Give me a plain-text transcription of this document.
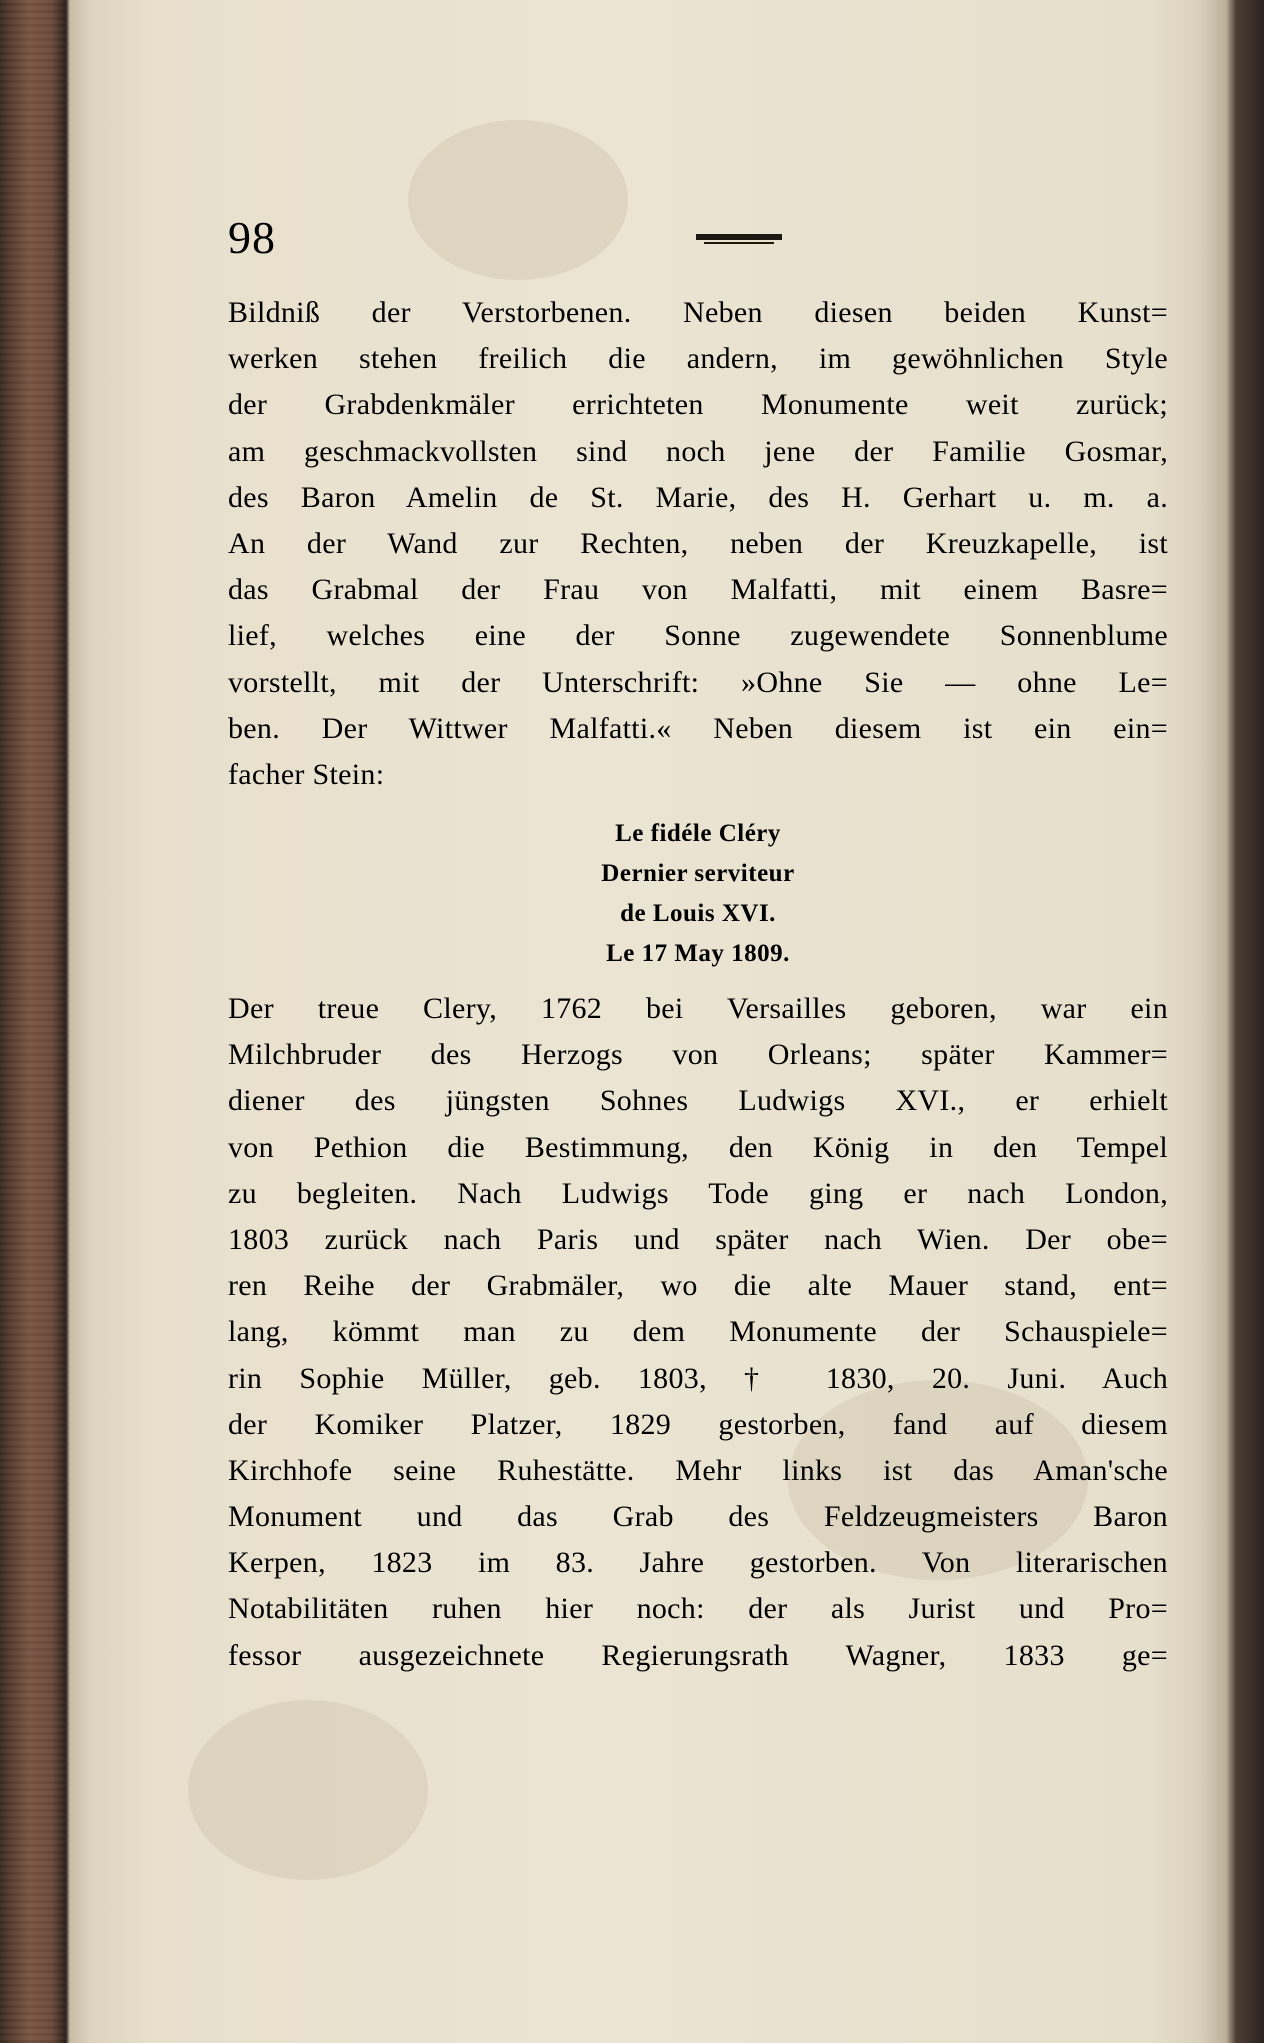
98
Bildniß der Verstorbenen. Neben diesen beiden Kunst=
werken stehen freilich die andern, im gewöhnlichen Style
der Grabdenkmäler errichteten Monumente weit zurück;
am geschmackvollsten sind noch jene der Familie Gosmar,
des Baron Amelin de St. Marie, des H. Gerhart u. m. a.
An der Wand zur Rechten, neben der Kreuzkapelle, ist
das Grabmal der Frau von Malfatti, mit einem Basre=
lief, welches eine der Sonne zugewendete Sonnenblume
vorstellt, mit der Unterschrift: »Ohne Sie — ohne Le=
ben. Der Wittwer Malfatti.« Neben diesem ist ein ein=
facher Stein:
Le fidéle Cléry
Dernier serviteur
de Louis XVI.
Le 17 May 1809.
Der treue Clery, 1762 bei Versailles geboren, war ein
Milchbruder des Herzogs von Orleans; später Kammer=
diener des jüngsten Sohnes Ludwigs XVI., er erhielt
von Pethion die Bestimmung, den König in den Tempel
zu begleiten. Nach Ludwigs Tode ging er nach London,
1803 zurück nach Paris und später nach Wien. Der obe=
ren Reihe der Grabmäler, wo die alte Mauer stand, ent=
lang, kömmt man zu dem Monumente der Schauspiele=
rin Sophie Müller, geb. 1803, † 1830, 20. Juni. Auch
der Komiker Platzer, 1829 gestorben, fand auf diesem
Kirchhofe seine Ruhestätte. Mehr links ist das Aman'sche
Monument und das Grab des Feldzeugmeisters Baron
Kerpen, 1823 im 83. Jahre gestorben. Von literarischen
Notabilitäten ruhen hier noch: der als Jurist und Pro=
fessor ausgezeichnete Regierungsrath Wagner, 1833 ge=
